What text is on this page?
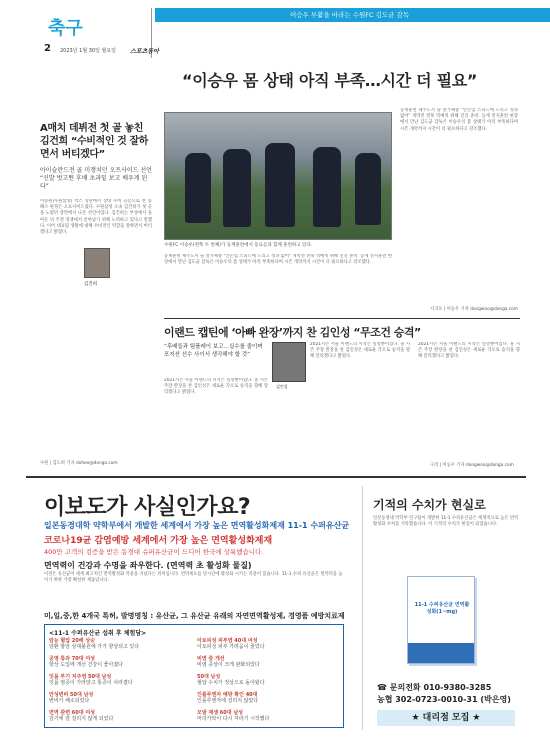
축구
2 2023년 1월 30일 월요일 스포츠동아
이승우 부활을 바라는 수원FC 김도균 감독
“이승우 몸 상태 아직 부족…시간 더 필요”
A매치 데뷔전 첫 골 놓친 김건희 “수비적인 것 잘하면서 버티겠다”
아이슬란드전 골 미쟁치던 오프사이드 선언 “신발 벗고뛴 후배 초과밑 보고 배우게 된다”
이승원(수원삼성) 박스 상단에서 상대 수비 골문으로 찬 롱패스 판정은 오프사이드였다. 수원삼성 소속 김건희가 첫 골을 노렸던 장면에서 나온 선언이었다. 김건희는 부상에서 돌아온 뒤 주전 경쟁에서 살아남기 위해 노력하고 있다고 말했다. 이어 대표팀 생활에 대해 수비적인 역할을 잘하면서 버티겠다고 밝혔다.
김건희
수원 | 김도희 기자 dohee@donga.com
수원FC 이승우(왼쪽 두 번째)가 동계훈련에서 동료들과 함께 훈련하고 있다.
동계훈련 제주도서 슬 잘가체중 "안돈업 스피드에 드리고 성과 없어" 개막전 전북 빅매치 위해 진진 준비. 동계 전지훈련 현장에서 만난 김도균 감독은 이승우의 몸 상태가 아직 부족하다며 시즌 개막까지 시간이 더 필요하다고 강조했다.
동계훈련 제주도서 슬 잘가체중 "안돈업 스피드에 드리고 성과 없어" 개막전 전북 빅매치 위해 진진 준비. 동계 전지훈련 현장에서 만난 김도균 감독은 이승우의 몸 상태가 아직 부족하다며 시즌 개막까지 시간이 더 필요하다고 강조했다.
서귀포 | 이동우 기자 dongwoo@donga.com
이랜드 캡틴에 ‘아빠 완장’까지 찬 김인성 “무조건 승격”
“후배들과 팀플레이 보고…실수를 줄이며 포지션 선수 사이서 생각해야 할 것”
김인성
2021시즌 서울 이랜드의 시작은 실망뿐이었다. 올 시즌 주장 완장을 찬 김인성은 새로운 각오로 승격을 향해 달리겠다고 밝혔다.
2021시즌 서울 이랜드의 시작은 실망뿐이었다. 올 시즌 주장 완장을 찬 김인성은 새로운 각오로 승격을 향해 달리겠다고 밝혔다.
2021시즌 서울 이랜드의 시작은 실망뿐이었다. 올 시즌 주장 완장을 찬 김인성은 새로운 각오로 승격을 향해 달리겠다고 밝혔다.
구리 | 이동우 기자 dongwoo@donga.com
이보도가 사실인가요?
일본동경대학 약학부에서 개발한 세계에서 가장 높은 면역활성화제재 11-1 수퍼유산균
코로나19균 감염예방 세계에서 가장 높은 면역활성화제재
400만 고객의 검증을 받은 동경대 슈퍼유산균이 드디어 한국에 상륙했습니다.
면역력이 건강과 수명을 좌우한다. (면역력 초 활성화 물질)
이것은 유산균이 세계 최고치인 면역활성화 작용을 지녔다는 의미입니다. 면역세포를 단시간에 활성화 시키는 작용이 있습니다. 11-1 수퍼 유산균은 면역력을 높이기 위한 가장 확실한 제품입니다.
미,일,중,한 4개국 특허, 발명명칭 : 유산균, 그 유산균 유래의 자연면역활성제, 경영품 예방치료제
<11-1 수퍼유산균 섭취 후 체험담>
암능 혈압 20배 상승
암환 항암 상대불원에 가가 향상되고 있다
공영 통과 70대 여성
항상 도입에 개선 건강이 좋아졌다
잇몸 부기 치주염 50대 남성
잇몸 염증이 가라앉고 통증이 사라졌다
만성변비 50대 남성
변비가 해소되었다
면역 관련 60대 여성
감기에 잘 걸리지 않게 되었다
아토피성 피부염 40대 여성
아토피성 피부 가려움이 줄었다
비염 증 개선
비염 증상이 크게 완화되었다
50대 남성
혈압 수치가 정상으로 돌아왔다
인플루엔자 예방 확인 40대
인플루엔자에 걸리지 않았다
모발 재생 60대 남성
머리카락이 다시 자라기 시작했다
기적의 수치가 현실로
일본동경대 약학부 연구팀이 개발한 11-1 수퍼유산균은 세계적으로 높은 면역활성화 수치를 기록했습니다. 이 기적의 수치가 현실이 되었습니다.
11-1 수퍼유산균 면역활성화(1~mg)
☎ 문의전화 010-9380-3285
농협 302-0723-0010-31 (박은영)
★ 대리점 모집 ★
